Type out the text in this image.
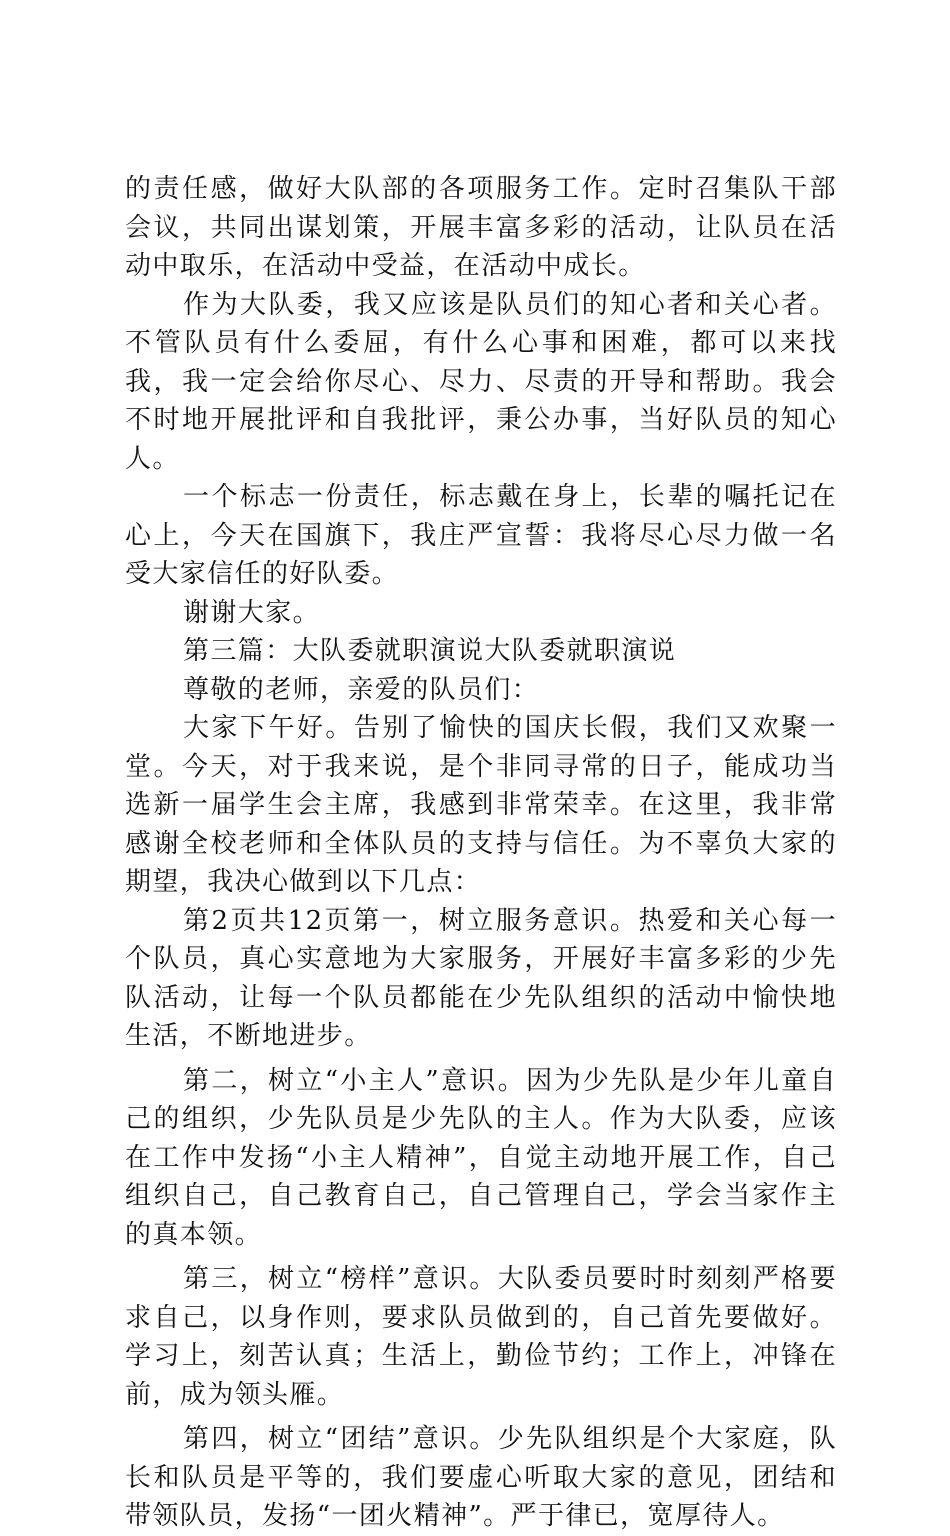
的责任感，做好大队部的各项服务工作。定时召集队干部会议，共同出谋划策，开展丰富多彩的活动，让队员在活动中取乐，在活动中受益，在活动中成长。

作为大队委，我又应该是队员们的知心者和关心者。不管队员有什么委屈，有什么心事和困难，都可以来找我，我一定会给你尽心、尽力、尽责的开导和帮助。我会不时地开展批评和自我批评，秉公办事，当好队员的知心人。

一个标志一份责任，标志戴在身上，长辈的嘱托记在心上，今天在国旗下，我庄严宣誓：我将尽心尽力做一名受大家信任的好队委。

谢谢大家。

第三篇：大队委就职演说大队委就职演说

尊敬的老师，亲爱的队员们：

大家下午好。告别了愉快的国庆长假，我们又欢聚一堂。今天，对于我来说，是个非同寻常的日子，能成功当选新一届学生会主席，我感到非常荣幸。在这里，我非常感谢全校老师和全体队员的支持与信任。为不辜负大家的期望，我决心做到以下几点：

第2页共12页第一，树立服务意识。热爱和关心每一个队员，真心实意地为大家服务，开展好丰富多彩的少先队活动，让每一个队员都能在少先队组织的活动中愉快地生活，不断地进步。

第二，树立“小主人”意识。因为少先队是少年儿童自己的组织，少先队员是少先队的主人。作为大队委，应该在工作中发扬“小主人精神”，自觉主动地开展工作，自己组织自己，自己教育自己，自己管理自己，学会当家作主的真本领。

第三，树立“榜样”意识。大队委员要时时刻刻严格要求自己，以身作则，要求队员做到的，自己首先要做好。学习上，刻苦认真；生活上，勤俭节约；工作上，冲锋在前，成为领头雁。

第四，树立“团结”意识。少先队组织是个大家庭，队长和队员是平等的，我们要虚心听取大家的意见，团结和带领队员，发扬“一团火精神”。严于律已，宽厚待人。
